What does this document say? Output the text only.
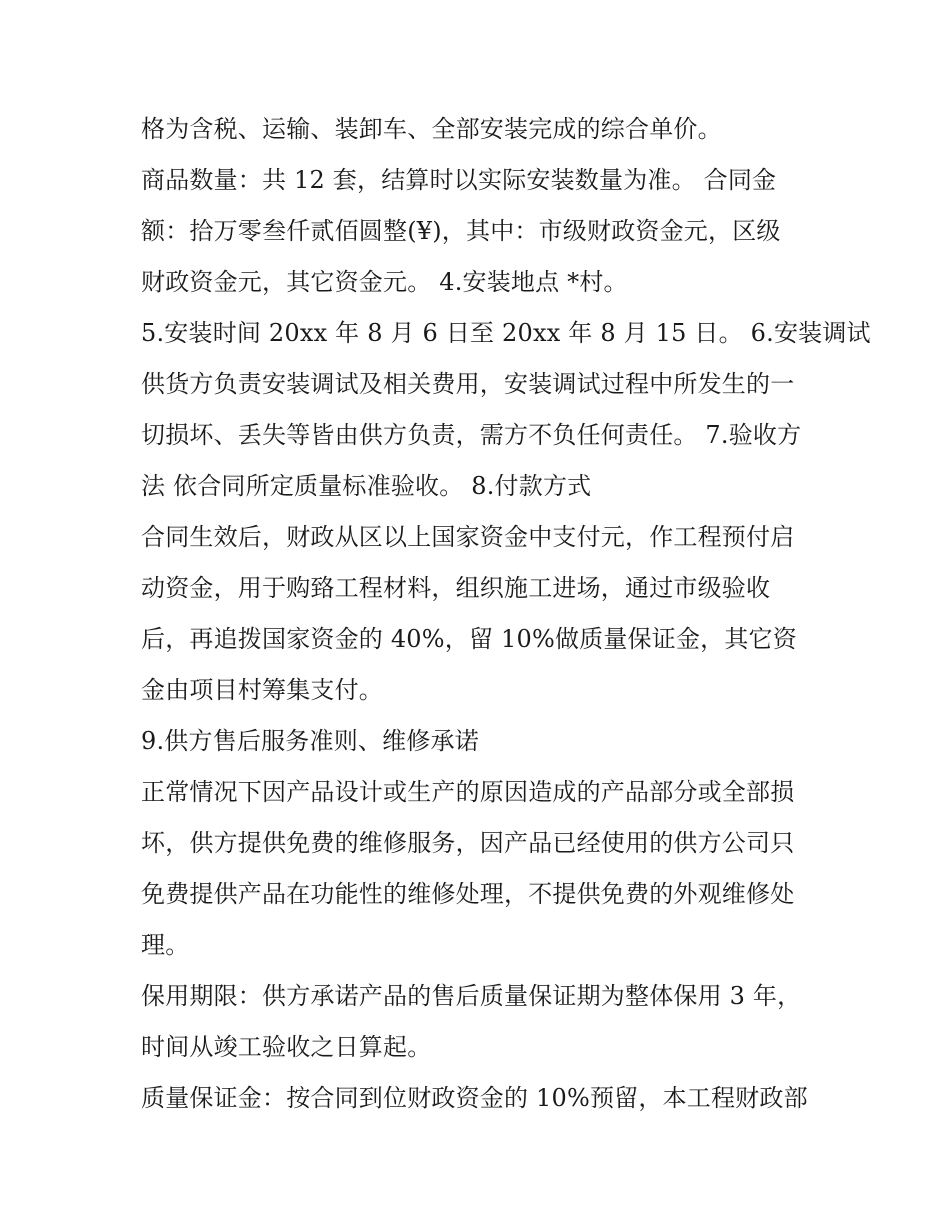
格为含税、运输、装卸车、全部安装完成的综合单价。
商品数量：共 12 套，结算时以实际安装数量为准。 合同金
额：拾万零叁仟贰佰圆整(¥)，其中：市级财政资金元，区级
财政资金元，其它资金元。 4.安装地点 *村。
5.安装时间 20xx 年 8 月 6 日至 20xx 年 8 月 15 日。 6.安装调试
供货方负责安装调试及相关费用，安装调试过程中所发生的一
切损坏、丢失等皆由供方负责，需方不负任何责任。 7.验收方
法 依合同所定质量标准验收。 8.付款方式
合同生效后，财政从区以上国家资金中支付元，作工程预付启
动资金，用于购臵工程材料，组织施工进场，通过市级验收
后，再追拨国家资金的 40%，留 10%做质量保证金，其它资
金由项目村筹集支付。
9.供方售后服务准则、维修承诺
正常情况下因产品设计或生产的原因造成的产品部分或全部损
坏，供方提供免费的维修服务，因产品已经使用的供方公司只
免费提供产品在功能性的维修处理，不提供免费的外观维修处
理。
保用期限：供方承诺产品的售后质量保证期为整体保用 3 年，
时间从竣工验收之日算起。
质量保证金：按合同到位财政资金的 10%预留，本工程财政部
